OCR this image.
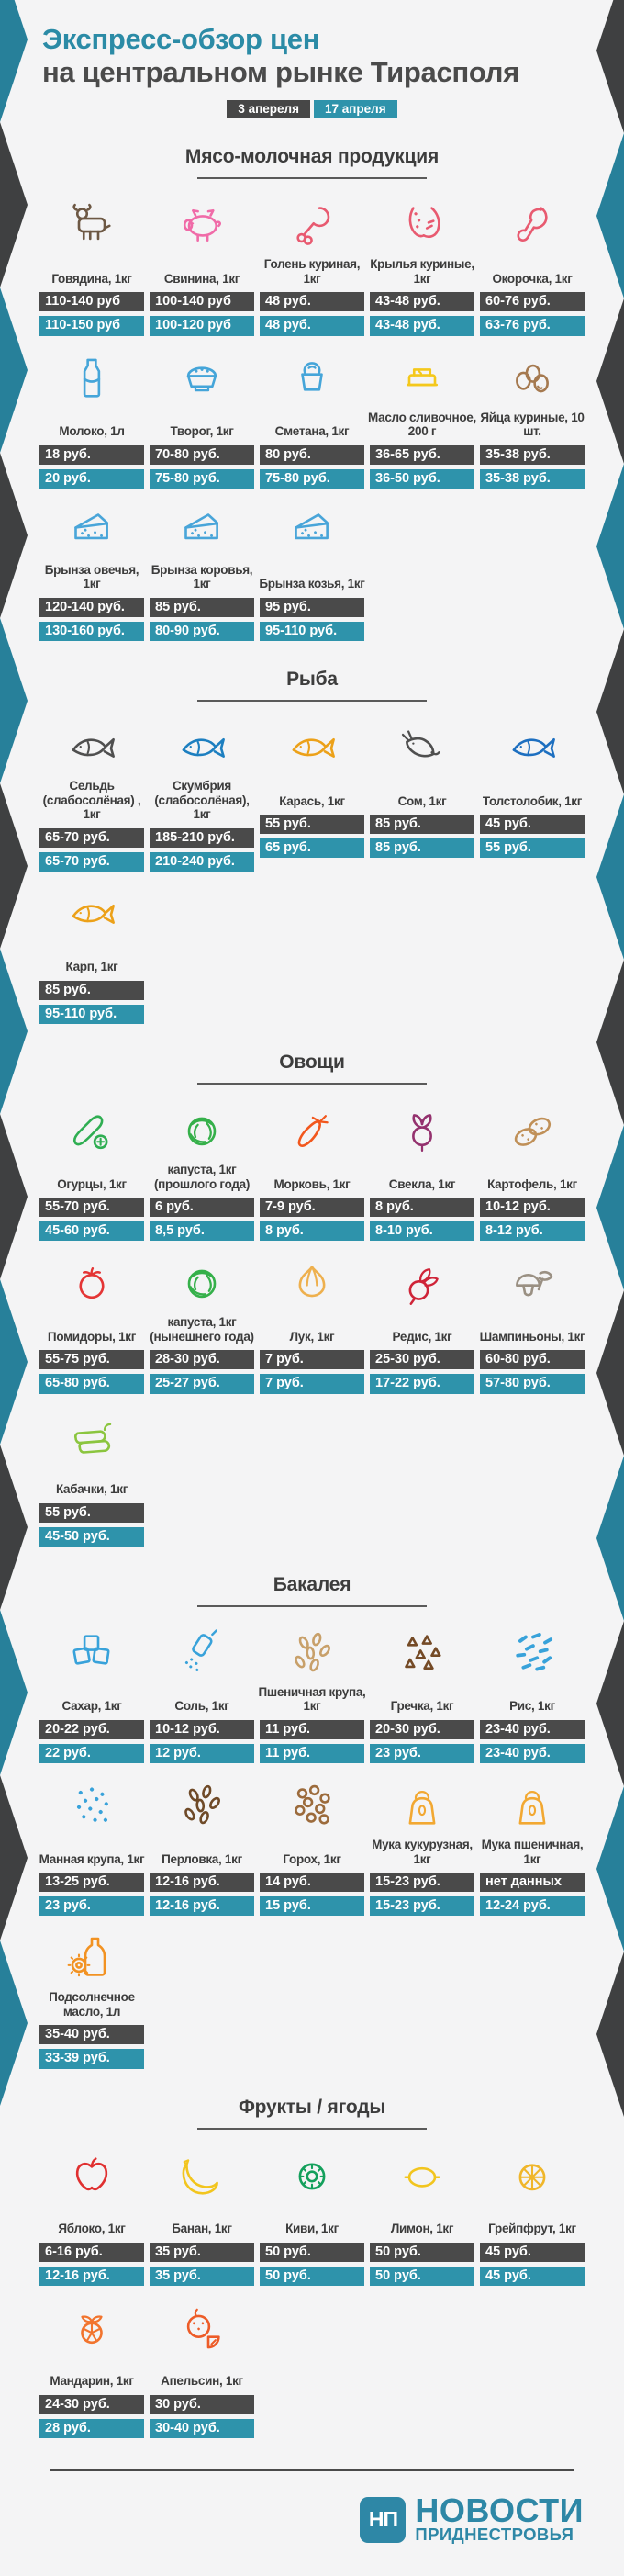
Экспресс-обзор цен
на центральном рынке Тирасполя
3 апереля 17 апреля
Мясо-молочная продукция
Говядина, 1кг
110-140 руб
110-150 руб
Свинина, 1кг
100-140 руб
100-120 руб
Голень куриная, 1кг
48 руб.
48 руб.
Крылья куриные, 1кг
43-48 руб.
43-48 руб.
Окорочка, 1кг
60-76 руб.
63-76 руб.
Молоко, 1л
18 руб.
20 руб.
Творог, 1кг
70-80 руб.
75-80 руб.
Сметана, 1кг
80 руб.
75-80 руб.
Масло сливочное, 200 г
36-65 руб.
36-50 руб.
Яйца куриные, 10 шт.
35-38 руб.
35-38 руб.
Брынза овечья, 1кг
120-140 руб.
130-160 руб.
Брынза коровья, 1кг
85 руб.
80-90 руб.
Брынза козья, 1кг
95 руб.
95-110 руб.
Рыба
Сельдь (слабосолёная) , 1кг
65-70 руб.
65-70 руб.
Скумбрия (слабосолёная), 1кг
185-210 руб.
210-240 руб.
Карась, 1кг
55 руб.
65 руб.
Сом, 1кг
85 руб.
85 руб.
Толстолобик, 1кг
45 руб.
55 руб.
Карп, 1кг
85 руб.
95-110 руб.
Овощи
Огурцы, 1кг
55-70 руб.
45-60 руб.
капуста, 1кг (прошлого года)
6 руб.
8,5 руб.
Морковь, 1кг
7-9 руб.
8 руб.
Свекла, 1кг
8 руб.
8-10 руб.
Картофель, 1кг
10-12 руб.
8-12 руб.
Помидоры, 1кг
55-75 руб.
65-80 руб.
капуста, 1кг (нынешнего года)
28-30 руб.
25-27 руб.
Лук, 1кг
7 руб.
7 руб.
Редис, 1кг
25-30 руб.
17-22 руб.
Шампиньоны, 1кг
60-80 руб.
57-80 руб.
Кабачки, 1кг
55 руб.
45-50 руб.
Бакалея
Сахар, 1кг
20-22 руб.
22 руб.
Соль, 1кг
10-12 руб.
12 руб.
Пшеничная крупа, 1кг
11 руб.
11 руб.
Гречка, 1кг
20-30 руб.
23 руб.
Рис, 1кг
23-40 руб.
23-40 руб.
Манная крупа, 1кг
13-25 руб.
23 руб.
Перловка, 1кг
12-16 руб.
12-16 руб.
Горох, 1кг
14 руб.
15 руб.
Мука кукурузная, 1кг
15-23 руб.
15-23 руб.
Мука пшеничная, 1кг
нет данных
12-24 руб.
Подсолнечное масло, 1л
35-40 руб.
33-39 руб.
Фрукты / ягоды
Яблоко, 1кг
6-16 руб.
12-16 руб.
Банан, 1кг
35 руб.
35 руб.
Киви, 1кг
50 руб.
50 руб.
Лимон, 1кг
50 руб.
50 руб.
Грейпфрут, 1кг
45 руб.
45 руб.
Мандарин, 1кг
24-30 руб.
28 руб.
Апельсин, 1кг
30 руб.
30-40 руб.
НП НОВОСТИ
ПРИДНЕСТРОВЬЯ
